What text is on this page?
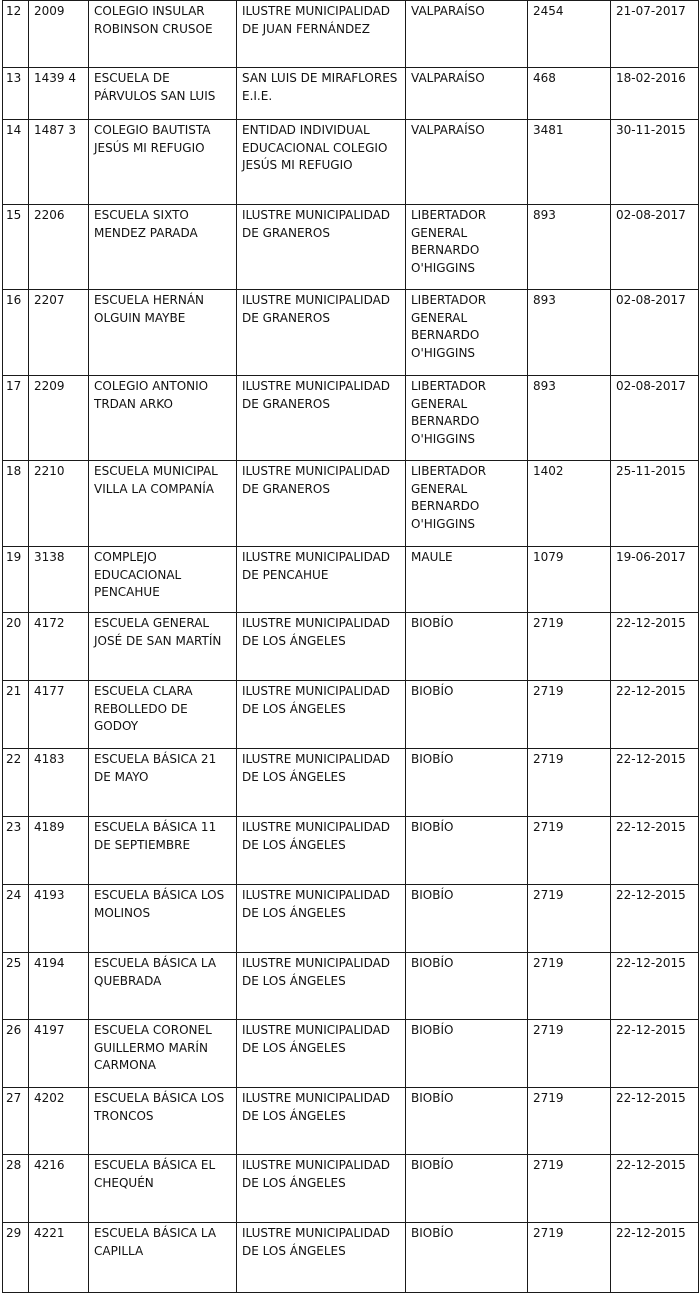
12	2009	COLEGIO INSULAR ROBINSON CRUSOE	ILUSTRE MUNICIPALIDAD DE JUAN FERNÁNDEZ	VALPARAÍSO	2454	21-07-2017
13	1439 4	ESCUELA DE PÁRVULOS SAN LUIS	SAN LUIS DE MIRAFLORES E.I.E.	VALPARAÍSO	468	18-02-2016
14	1487 3	COLEGIO BAUTISTA JESÚS MI REFUGIO	ENTIDAD INDIVIDUAL EDUCACIONAL COLEGIO JESÚS MI REFUGIO	VALPARAÍSO	3481	30-11-2015
15	2206	ESCUELA SIXTO MENDEZ PARADA	ILUSTRE MUNICIPALIDAD DE GRANEROS	LIBERTADOR GENERAL BERNARDO O'HIGGINS	893	02-08-2017
16	2207	ESCUELA HERNÁN OLGUIN MAYBE	ILUSTRE MUNICIPALIDAD DE GRANEROS	LIBERTADOR GENERAL BERNARDO O'HIGGINS	893	02-08-2017
17	2209	COLEGIO ANTONIO TRDAN ARKO	ILUSTRE MUNICIPALIDAD DE GRANEROS	LIBERTADOR GENERAL BERNARDO O'HIGGINS	893	02-08-2017
18	2210	ESCUELA MUNICIPAL VILLA LA COMPANÍA	ILUSTRE MUNICIPALIDAD DE GRANEROS	LIBERTADOR GENERAL BERNARDO O'HIGGINS	1402	25-11-2015
19	3138	COMPLEJO EDUCACIONAL PENCAHUE	ILUSTRE MUNICIPALIDAD DE PENCAHUE	MAULE	1079	19-06-2017
20	4172	ESCUELA GENERAL JOSÉ DE SAN MARTÍN	ILUSTRE MUNICIPALIDAD DE LOS ÁNGELES	BIOBÍO	2719	22-12-2015
21	4177	ESCUELA CLARA REBOLLEDO DE GODOY	ILUSTRE MUNICIPALIDAD DE LOS ÁNGELES	BIOBÍO	2719	22-12-2015
22	4183	ESCUELA BÁSICA 21 DE MAYO	ILUSTRE MUNICIPALIDAD DE LOS ÁNGELES	BIOBÍO	2719	22-12-2015
23	4189	ESCUELA BÁSICA 11 DE SEPTIEMBRE	ILUSTRE MUNICIPALIDAD DE LOS ÁNGELES	BIOBÍO	2719	22-12-2015
24	4193	ESCUELA BÁSICA LOS MOLINOS	ILUSTRE MUNICIPALIDAD DE LOS ÁNGELES	BIOBÍO	2719	22-12-2015
25	4194	ESCUELA BÁSICA LA QUEBRADA	ILUSTRE MUNICIPALIDAD DE LOS ÁNGELES	BIOBÍO	2719	22-12-2015
26	4197	ESCUELA CORONEL GUILLERMO MARÍN CARMONA	ILUSTRE MUNICIPALIDAD DE LOS ÁNGELES	BIOBÍO	2719	22-12-2015
27	4202	ESCUELA BÁSICA LOS TRONCOS	ILUSTRE MUNICIPALIDAD DE LOS ÁNGELES	BIOBÍO	2719	22-12-2015
28	4216	ESCUELA BÁSICA EL CHEQUÉN	ILUSTRE MUNICIPALIDAD DE LOS ÁNGELES	BIOBÍO	2719	22-12-2015
29	4221	ESCUELA BÁSICA LA CAPILLA	ILUSTRE MUNICIPALIDAD DE LOS ÁNGELES	BIOBÍO	2719	22-12-2015
